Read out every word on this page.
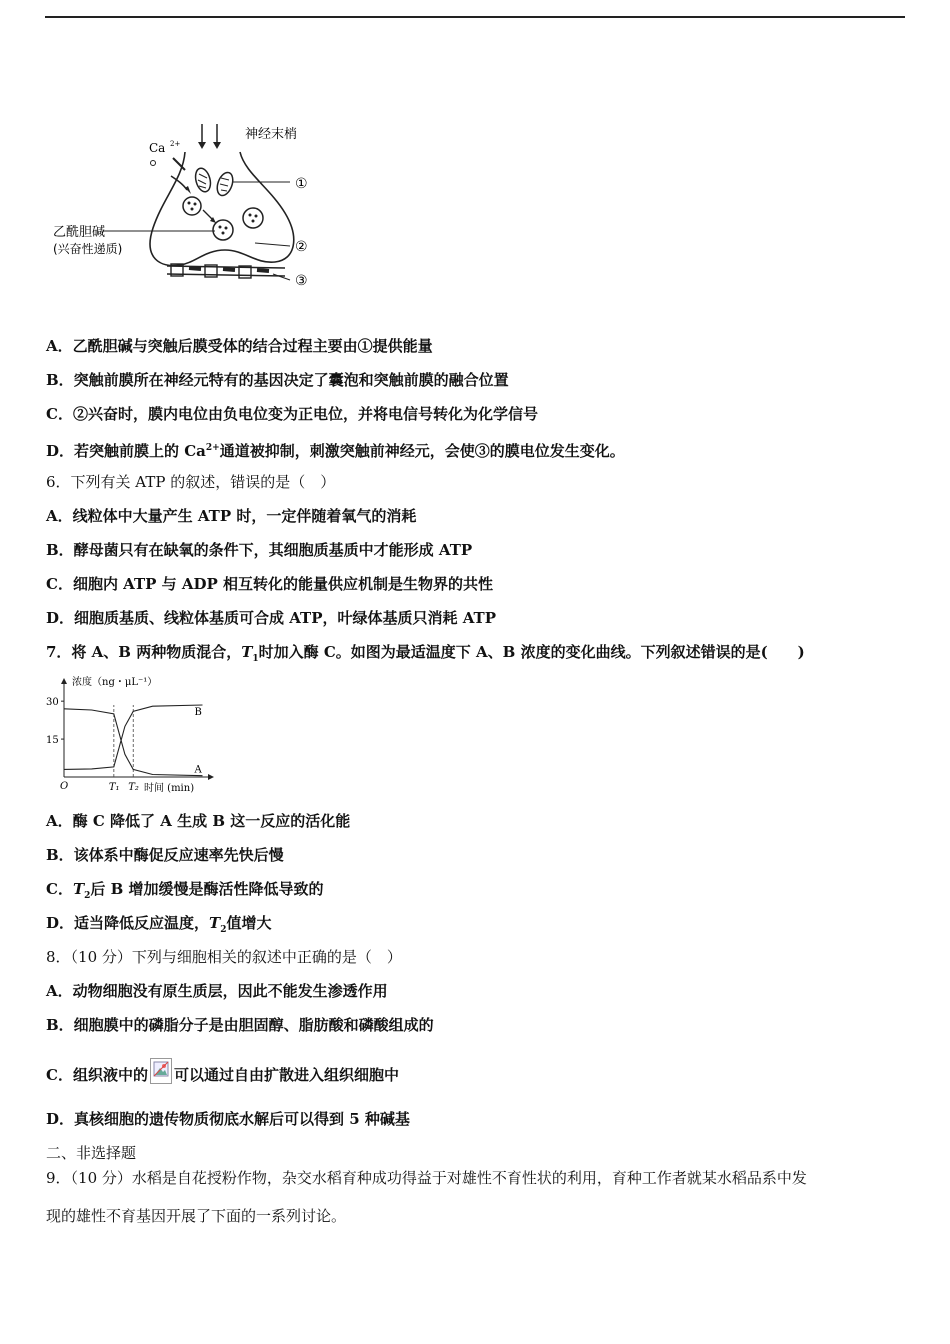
Ca 2+
神经末梢
①
乙酰胆碱
(兴奋性递质)	②
③
A．乙酰胆碱与突触后膜受体的结合过程主要由①提供能量
B．突触前膜所在神经元特有的基因决定了囊泡和突触前膜的融合位置
C．②兴奋时，膜内电位由负电位变为正电位，并将电信号转化为化学信号
D．若突触前膜上的 $Ca^{2+}$通道被抑制，刺激突触前神经元，会使③的膜电位发生变化。
6．下列有关 ATP 的叙述，错误的是（　）
A．线粒体中大量产生 ATP 时，一定伴随着氧气的消耗
B．酵母菌只有在缺氧的条件下，其细胞质基质中才能形成 ATP
C．细胞内 ATP 与 ADP 相互转化的能量供应机制是生物界的共性
D．细胞质基质、线粒体基质可合成 ATP，叶绿体基质只消耗 ATP
7．将 A、B 两种物质混合，$T_1$时加入酶 C。如图为最适温度下 A、B 浓度的变化曲线。下列叙述错误的是(　　)
浓度（ng・μL⁻¹）
O	时间 (min)
30
15
T₁ T₂
B
A
A．酶 C 降低了 A 生成 B 这一反应的活化能
B．该体系中酶促反应速率先快后慢
C．$T_2$后 B 增加缓慢是酶活性降低导致的
D．适当降低反应温度，$T_2$值增大
8．（10 分）下列与细胞相关的叙述中正确的是（　）
A．动物细胞没有原生质层，因此不能发生渗透作用
B．细胞膜中的磷脂分子是由胆固醇、脂肪酸和磷酸组成的
C．组织液中的 可以通过自由扩散进入组织细胞中
D．真核细胞的遗传物质彻底水解后可以得到 5 种碱基
二、非选择题
9．（10 分）水稻是自花授粉作物，杂交水稻育种成功得益于对雄性不育性状的利用，育种工作者就某水稻品系中发
现的雄性不育基因开展了下面的一系列讨论。
